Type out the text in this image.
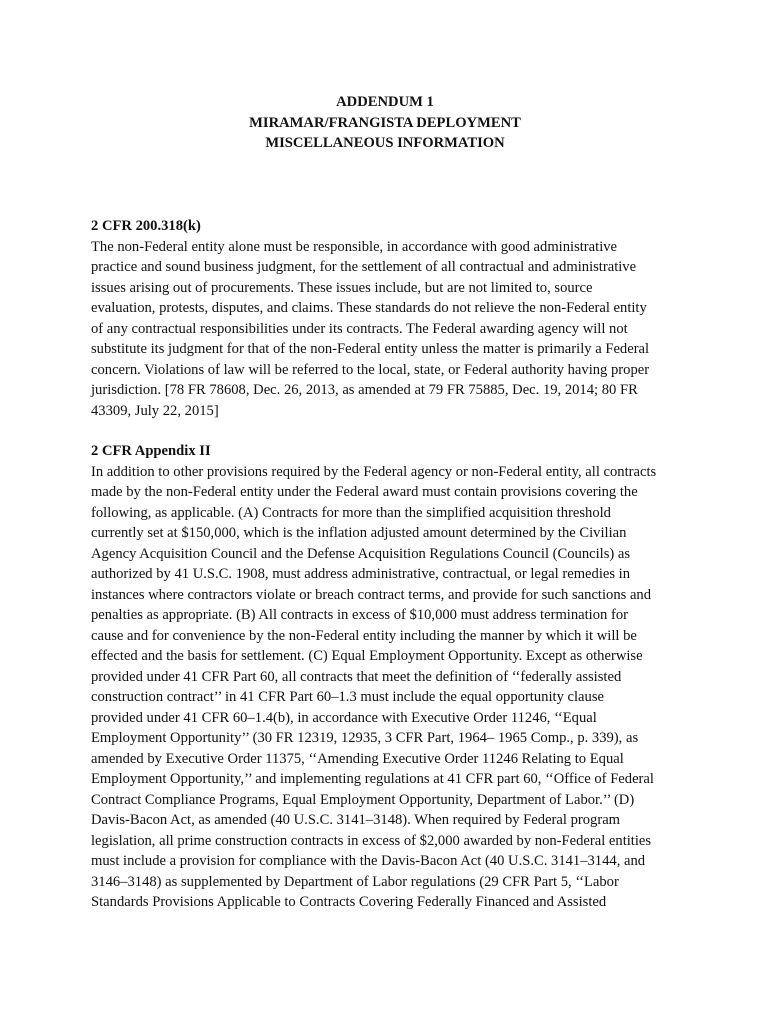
ADDENDUM 1
MIRAMAR/FRANGISTA DEPLOYMENT
MISCELLANEOUS INFORMATION
2 CFR 200.318(k)
The non-Federal entity alone must be responsible, in accordance with good administrative
practice and sound business judgment, for the settlement of all contractual and administrative
issues arising out of procurements. These issues include, but are not limited to, source
evaluation, protests, disputes, and claims. These standards do not relieve the non-Federal entity
of any contractual responsibilities under its contracts. The Federal awarding agency will not
substitute its judgment for that of the non-Federal entity unless the matter is primarily a Federal
concern. Violations of law will be referred to the local, state, or Federal authority having proper
jurisdiction. [78 FR 78608, Dec. 26, 2013, as amended at 79 FR 75885, Dec. 19, 2014; 80 FR
43309, July 22, 2015]
2 CFR Appendix II
In addition to other provisions required by the Federal agency or non-Federal entity, all contracts
made by the non-Federal entity under the Federal award must contain provisions covering the
following, as applicable. (A) Contracts for more than the simplified acquisition threshold
currently set at $150,000, which is the inflation adjusted amount determined by the Civilian
Agency Acquisition Council and the Defense Acquisition Regulations Council (Councils) as
authorized by 41 U.S.C. 1908, must address administrative, contractual, or legal remedies in
instances where contractors violate or breach contract terms, and provide for such sanctions and
penalties as appropriate. (B) All contracts in excess of $10,000 must address termination for
cause and for convenience by the non-Federal entity including the manner by which it will be
effected and the basis for settlement. (C) Equal Employment Opportunity. Except as otherwise
provided under 41 CFR Part 60, all contracts that meet the definition of ‘‘federally assisted
construction contract’’ in 41 CFR Part 60–1.3 must include the equal opportunity clause
provided under 41 CFR 60–1.4(b), in accordance with Executive Order 11246, ‘‘Equal
Employment Opportunity’’ (30 FR 12319, 12935, 3 CFR Part, 1964– 1965 Comp., p. 339), as
amended by Executive Order 11375, ‘‘Amending Executive Order 11246 Relating to Equal
Employment Opportunity,’’ and implementing regulations at 41 CFR part 60, ‘‘Office of Federal
Contract Compliance Programs, Equal Employment Opportunity, Department of Labor.’’ (D)
Davis-Bacon Act, as amended (40 U.S.C. 3141–3148). When required by Federal program
legislation, all prime construction contracts in excess of $2,000 awarded by non-Federal entities
must include a provision for compliance with the Davis-Bacon Act (40 U.S.C. 3141–3144, and
3146–3148) as supplemented by Department of Labor regulations (29 CFR Part 5, ‘‘Labor
Standards Provisions Applicable to Contracts Covering Federally Financed and Assisted
